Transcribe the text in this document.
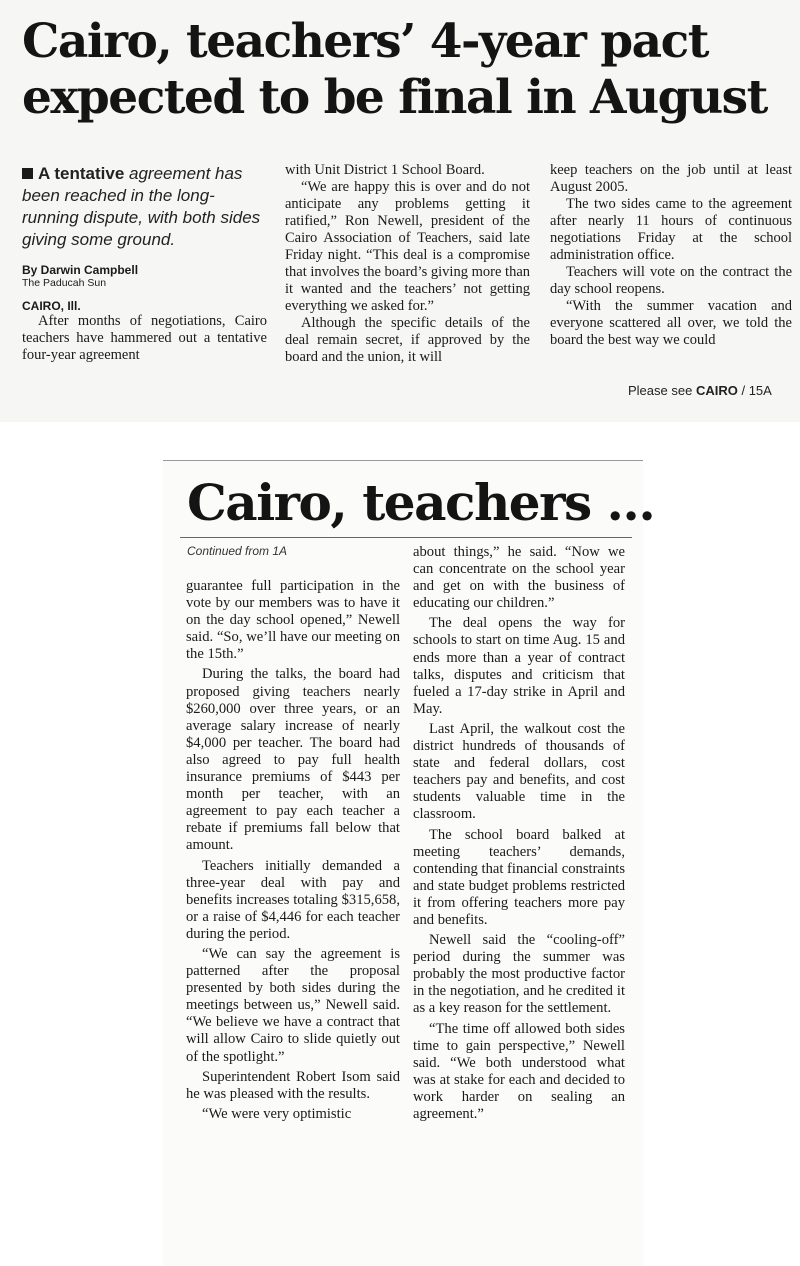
Cairo, teachers’ 4-year pact expected to be final in August
A tentative agreement has been reached in the long-running dispute, with both sides giving some ground.
By Darwin Campbell
The Paducah Sun
CAIRO, Ill.

After months of negotiations, Cairo teachers have hammered out a tentative four-year agreement

with Unit District 1 School Board.

“We are happy this is over and do not anticipate any problems getting it ratified,” Ron Newell, president of the Cairo Association of Teachers, said late Friday night. “This deal is a compromise that involves the board’s giving more than it wanted and the teachers’ not getting everything we asked for.”

Although the specific details of the deal remain secret, if approved by the board and the union, it will

keep teachers on the job until at least August 2005.

The two sides came to the agreement after nearly 11 hours of continuous negotiations Friday at the school administration office.

Teachers will vote on the contract the day school reopens.

“With the summer vacation and everyone scattered all over, we told the board the best way we could

Please see CAIRO / 15A
Cairo, teachers ...
Continued from 1A

guarantee full participation in the vote by our members was to have it on the day school opened,” Newell said. “So, we’ll have our meeting on the 15th.”

During the talks, the board had proposed giving teachers nearly $260,000 over three years, or an average salary increase of nearly $4,000 per teacher. The board had also agreed to pay full health insurance premiums of $443 per month per teacher, with an agreement to pay each teacher a rebate if premiums fall below that amount.

Teachers initially demanded a three-year deal with pay and benefits increases totaling $315,658, or a raise of $4,446 for each teacher during the period.

“We can say the agreement is patterned after the proposal presented by both sides during the meetings between us,” Newell said. “We believe we have a contract that will allow Cairo to slide quietly out of the spotlight.”

Superintendent Robert Isom said he was pleased with the results.

“We were very optimistic

about things,” he said. “Now we can concentrate on the school year and get on with the business of educating our children.”

The deal opens the way for schools to start on time Aug. 15 and ends more than a year of contract talks, disputes and criticism that fueled a 17-day strike in April and May.

Last April, the walkout cost the district hundreds of thousands of state and federal dollars, cost teachers pay and benefits, and cost students valuable time in the classroom.

The school board balked at meeting teachers’ demands, contending that financial constraints and state budget problems restricted it from offering teachers more pay and benefits.

Newell said the “cooling-off” period during the summer was probably the most productive factor in the negotiation, and he credited it as a key reason for the settlement.

“The time off allowed both sides time to gain perspective,” Newell said. “We both understood what was at stake for each and decided to work harder on sealing an agreement.”
